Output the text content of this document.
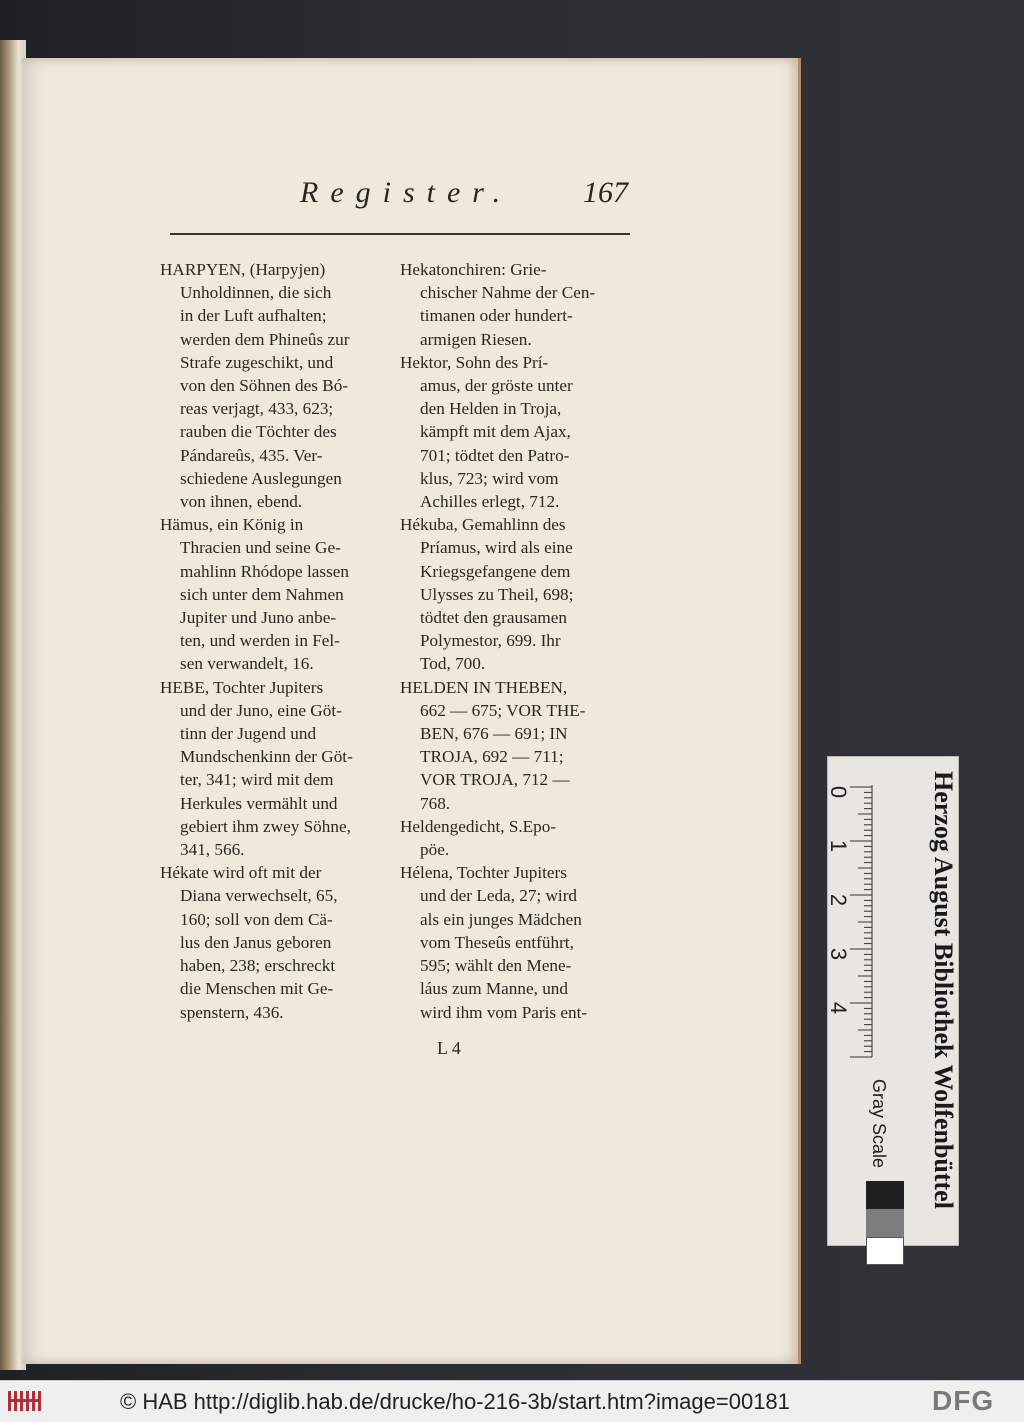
Register. 167

HARPYEN, (Harpyjen)
Unholdinnen, die sich
in der Luft aufhalten;
werden dem Phineûs zur
Strafe zugeschikt, und
von den Söhnen des Bó-
reas verjagt, 433, 623;
rauben die Töchter des
Pándareûs, 435. Ver-
schiedene Auslegungen
von ihnen, ebend.

Hämus, ein König in
Thracien und seine Ge-
mahlinn Rhódope lassen
sich unter dem Nahmen
Jupiter und Juno anbe-
ten, und werden in Fel-
sen verwandelt, 16.

HEBE, Tochter Jupiters
und der Juno, eine Göt-
tinn der Jugend und
Mundschenkinn der Göt-
ter, 341; wird mit dem
Herkules vermählt und
gebiert ihm zwey Söhne,
341, 566.

Hékate wird oft mit der
Diana verwechselt, 65,
160; soll von dem Cä-
lus den Janus geboren
haben, 238; erschreckt
die Menschen mit Ge-
spenstern, 436.

Hekatonchiren: Grie-
chischer Nahme der Cen-
timanen oder hundert-
armigen Riesen.

Hektor, Sohn des Prí-
amus, der gröste unter
den Helden in Troja,
kämpft mit dem Ajax,
701; tödtet den Patro-
klus, 723; wird vom
Achilles erlegt, 712.

Hékuba, Gemahlinn des
Príamus, wird als eine
Kriegsgefangene dem
Ulysses zu Theil, 698;
tödtet den grausamen
Polymestor, 699. Ihr
Tod, 700.

HELDEN IN THEBEN,
662 — 675; VOR THE-
BEN, 676 — 691; IN
TROJA, 692 — 711;
VOR TROJA, 712 —
768.

Heldengedicht, S.Epo-
pöe.

Hélena, Tochter Jupiters
und der Leda, 27; wird
als ein junges Mädchen
vom Theseûs entführt,
595; wählt den Mene-
láus zum Manne, und
wird ihm vom Paris ent-

L 4
0
1
2
3
4	Herzog August Bibliothek Wolfenbüttel
Gray Scale
© HAB http://diglib.hab.de/drucke/ho-216-3b/start.htm?image=00181	DFG
